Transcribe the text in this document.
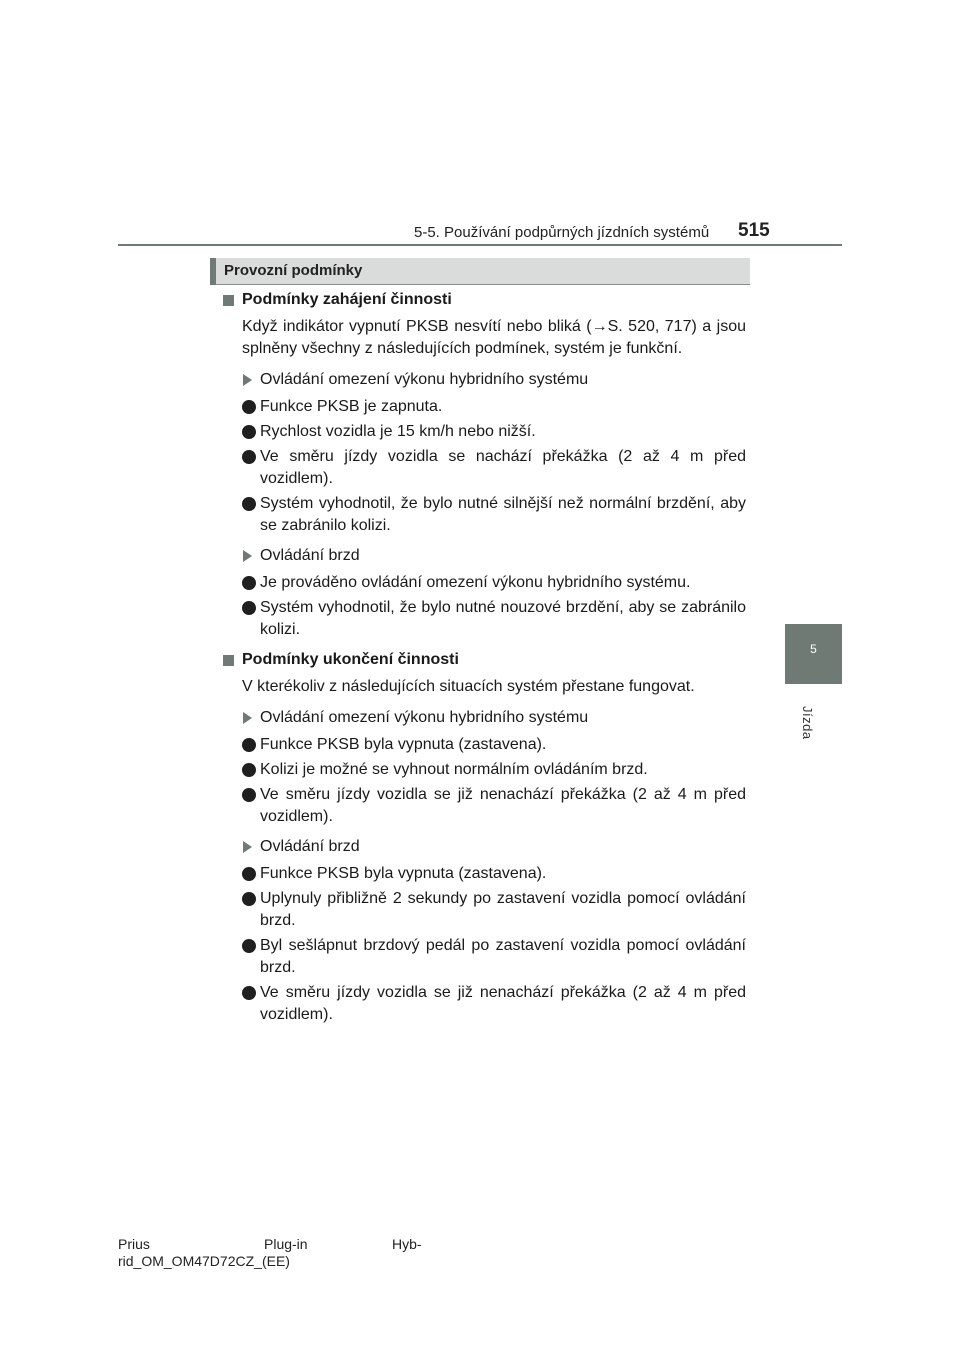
5-5. Používání podpůrných jízdních systémů 515
5
Jízda
Provozní podmínky
Podmínky zahájení činnosti
Když indikátor vypnutí PKSB nesvítí nebo bliká (→S. 520, 717) a jsou splněny všechny z následujících podmínek, systém je funkční.
Ovládání omezení výkonu hybridního systému
Funkce PKSB je zapnuta.
Rychlost vozidla je 15 km/h nebo nižší.
Ve směru jízdy vozidla se nachází překážka (2 až 4 m před vozidlem).
Systém vyhodnotil, že bylo nutné silnější než normální brzdění, aby se zabránilo kolizi.
Ovládání brzd
Je prováděno ovládání omezení výkonu hybridního systému.
Systém vyhodnotil, že bylo nutné nouzové brzdění, aby se zabránilo kolizi.
Podmínky ukončení činnosti
V kterékoliv z následujících situacích systém přestane fungovat.
Ovládání omezení výkonu hybridního systému
Funkce PKSB byla vypnuta (zastavena).
Kolizi je možné se vyhnout normálním ovládáním brzd.
Ve směru jízdy vozidla se již nenachází překážka (2 až 4 m před vozidlem).
Ovládání brzd
Funkce PKSB byla vypnuta (zastavena).
Uplynuly přibližně 2 sekundy po zastavení vozidla pomocí ovládání brzd.
Byl sešlápnut brzdový pedál po zastavení vozidla pomocí ovládání brzd.
Ve směru jízdy vozidla se již nenachází překážka (2 až 4 m před vozidlem).
Prius	Plug-in	Hyb-
rid_OM_OM47D72CZ_(EE)
